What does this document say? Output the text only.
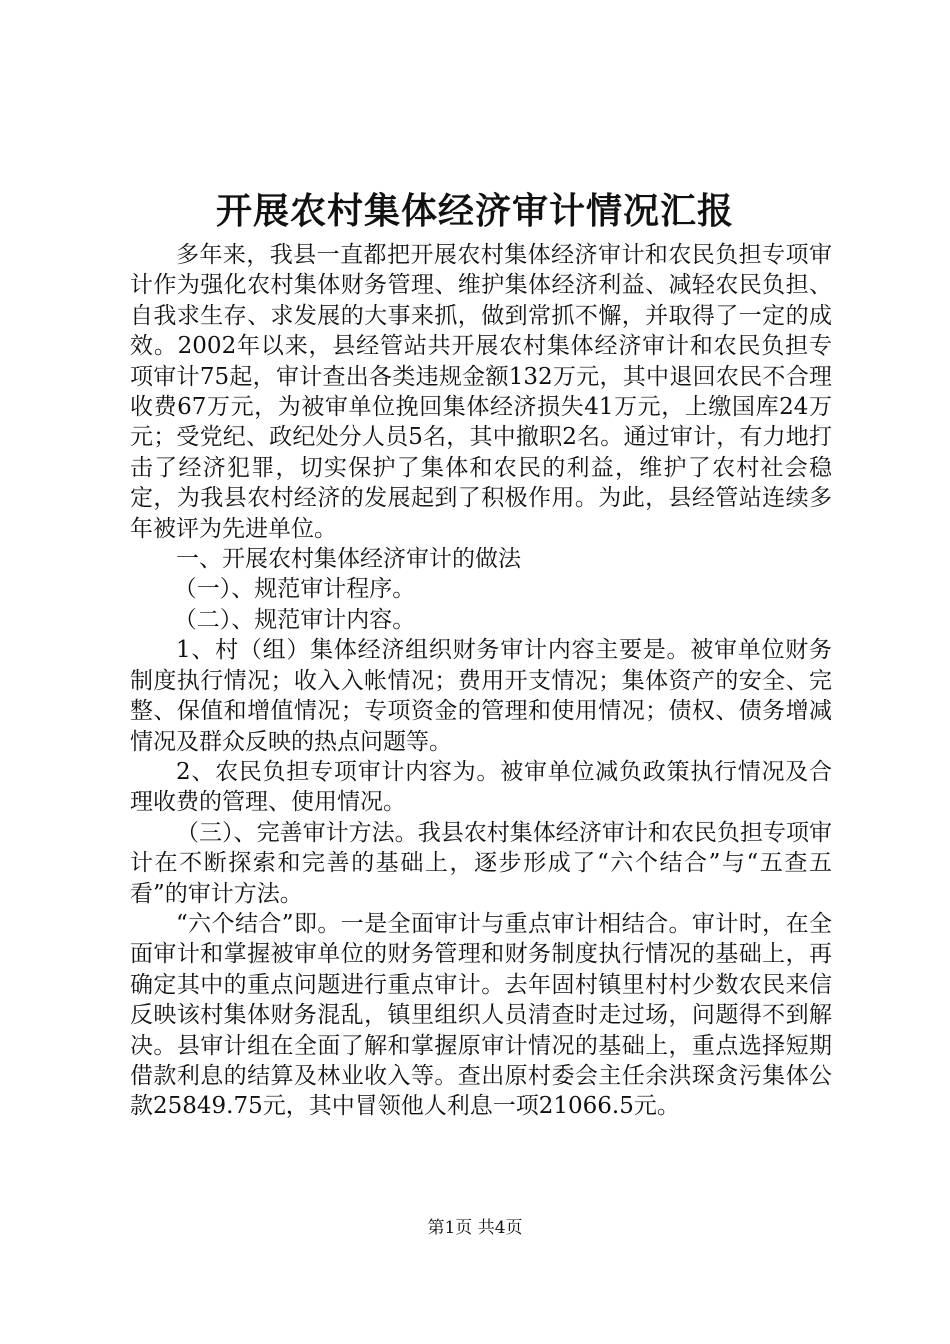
开展农村集体经济审计情况汇报

多年来，我县一直都把开展农村集体经济审计和农民负担专项审计作为强化农村集体财务管理、维护集体经济利益、减轻农民负担、自我求生存、求发展的大事来抓，做到常抓不懈，并取得了一定的成效。2002年以来，县经管站共开展农村集体经济审计和农民负担专项审计75起，审计查出各类违规金额132万元，其中退回农民不合理收费67万元，为被审单位挽回集体经济损失41万元，上缴国库24万元；受党纪、政纪处分人员5名，其中撤职2名。通过审计，有力地打击了经济犯罪，切实保护了集体和农民的利益，维护了农村社会稳定，为我县农村经济的发展起到了积极作用。为此，县经管站连续多年被评为先进单位。

一、开展农村集体经济审计的做法

（一）、规范审计程序。

（二）、规范审计内容。

1、村（组）集体经济组织财务审计内容主要是。被审单位财务制度执行情况；收入入帐情况；费用开支情况；集体资产的安全、完整、保值和增值情况；专项资金的管理和使用情况；债权、债务增减情况及群众反映的热点问题等。

2、农民负担专项审计内容为。被审单位减负政策执行情况及合理收费的管理、使用情况。

（三）、完善审计方法。我县农村集体经济审计和农民负担专项审计在不断探索和完善的基础上，逐步形成了“六个结合”与“五查五看”的审计方法。

“六个结合”即。一是全面审计与重点审计相结合。审计时，在全面审计和掌握被审单位的财务管理和财务制度执行情况的基础上，再确定其中的重点问题进行重点审计。去年固村镇里村村少数农民来信反映该村集体财务混乱，镇里组织人员清查时走过场，问题得不到解决。县审计组在全面了解和掌握原审计情况的基础上，重点选择短期借款利息的结算及林业收入等。查出原村委会主任余洪琛贪污集体公款25849.75元，其中冒领他人利息一项21066.5元。

第1页 共4页
